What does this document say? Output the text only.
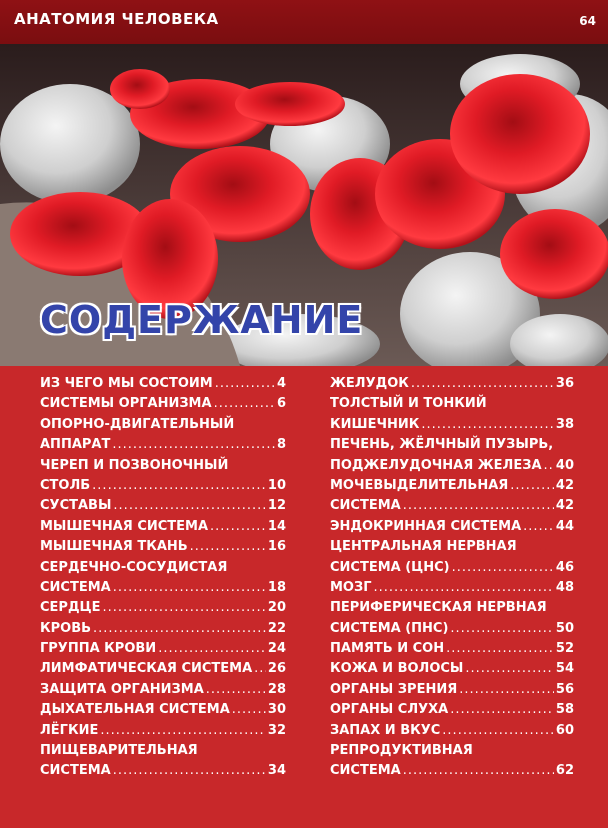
АНАТОМИЯ ЧЕЛОВЕКА	64
СОДЕРЖАНИЕ
ИЗ ЧЕГО МЫ СОСТОИМ .....	4
СИСТЕМЫ ОРГАНИЗМА .....	6
ОПОРНО-ДВИГАТЕЛЬНЫЙ
АППАРАТ .....	8
ЧЕРЕП И ПОЗВОНОЧНЫЙ
СТОЛБ .....	10
СУСТАВЫ .....	12
МЫШЕЧНАЯ СИСТЕМА .....	14
МЫШЕЧНАЯ ТКАНЬ .....	16
СЕРДЕЧНО-СОСУДИСТАЯ
СИСТЕМА .....	18
СЕРДЦЕ .....	20
КРОВЬ .....	22
ГРУППА КРОВИ .....	24
ЛИМФАТИЧЕСКАЯ СИСТЕМА ..... 26
ЗАЩИТА ОРГАНИЗМА .....	28
ДЫХАТЕЛЬНАЯ СИСТЕМА .....	30
ЛЁГКИЕ .....	32
ПИЩЕВАРИТЕЛЬНАЯ
СИСТЕМА .....	34
ЖЕЛУДОК .....	36
ТОЛСТЫЙ И ТОНКИЙ
КИШЕЧНИК .....	38
ПЕЧЕНЬ, ЖЁЛЧНЫЙ ПУЗЫРЬ,
ПОДЖЕЛУДОЧНАЯ ЖЕЛЕЗА ..... 40
МОЧЕВЫДЕЛИТЕЛЬНАЯ .....	42
СИСТЕМА .....	42
ЭНДОКРИННАЯ СИСТЕМА .....	44
ЦЕНТРАЛЬНАЯ НЕРВНАЯ
СИСТЕМА (ЦНС) .....	46
МОЗГ .....	48
ПЕРИФЕРИЧЕСКАЯ НЕРВНАЯ
СИСТЕМА (ПНС) .....	50
ПАМЯТЬ И СОН .....	52
КОЖА И ВОЛОСЫ .....	54
ОРГАНЫ ЗРЕНИЯ .....	56
ОРГАНЫ СЛУХА .....	58
ЗАПАХ И ВКУС .....	60
РЕПРОДУКТИВНАЯ
СИСТЕМА .....	62
